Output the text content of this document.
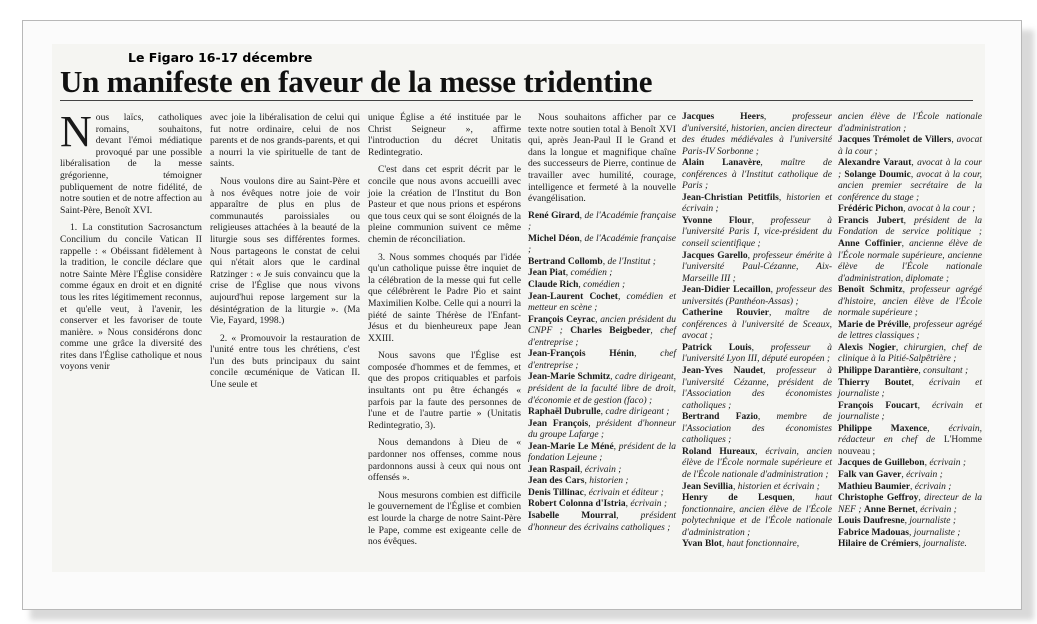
Le Figaro 16-17 décembre
Un manifeste en faveur de la messe tridentine

Nous laïcs, catholiques romains, souhaitons, devant l'émoi médiatique provoqué par une possible libéralisation de la messe grégorienne, témoigner publiquement de notre fidélité, de notre soutien et de notre affection au Saint-Père, Benoît XVI.

1. La constitution Sacrosanctum Concilium du concile Vatican II rappelle : « Obéissant fidèlement à la tradition, le concile déclare que notre Sainte Mère l'Église considère comme égaux en droit et en dignité tous les rites légitimement reconnus, et qu'elle veut, à l'avenir, les conserver et les favoriser de toute manière. » Nous considérons donc comme une grâce la diversité des rites dans l'Église catholique et nous voyons venir

avec joie la libéralisation de celui qui fut notre ordinaire, celui de nos parents et de nos grands-parents, et qui a nourri la vie spirituelle de tant de saints.

Nous voulons dire au Saint-Père et à nos évêques notre joie de voir apparaître de plus en plus de communautés paroissiales ou religieuses attachées à la beauté de la liturgie sous ses différentes formes. Nous partageons le constat de celui qui n'était alors que le cardinal Ratzinger : « Je suis convaincu que la crise de l'Église que nous vivons aujourd'hui repose largement sur la désintégration de la liturgie ». (Ma Vie, Fayard, 1998.)

2. « Promouvoir la restauration de l'unité entre tous les chrétiens, c'est l'un des buts principaux du saint concile œcuménique de Vatican II. Une seule et

unique Église a été instituée par le Christ Seigneur », affirme l'introduction du décret Unitatis Redintegratio.

C'est dans cet esprit décrit par le concile que nous avons accueilli avec joie la création de l'Institut du Bon Pasteur et que nous prions et espérons que tous ceux qui se sont éloignés de la pleine communion suivent ce même chemin de réconciliation.

3. Nous sommes choqués par l'idée qu'un catholique puisse être inquiet de la célébration de la messe qui fut celle que célébrèrent le Padre Pio et saint Maximilien Kolbe. Celle qui a nourri la piété de sainte Thérèse de l'Enfant-Jésus et du bienheureux pape Jean XXIII.

Nous savons que l'Église est composée d'hommes et de femmes, et que des propos critiquables et parfois insultants ont pu être échangés « parfois par la faute des personnes de l'une et de l'autre partie » (Unitatis Redintegratio, 3).

Nous demandons à Dieu de « pardonner nos offenses, comme nous pardonnons aussi à ceux qui nous ont offensés ».

Nous mesurons combien est difficile le gouvernement de l'Église et combien est lourde la charge de notre Saint-Père le Pape, comme est exigeante celle de nos évêques.

Nous souhaitons afficher par ce texte notre soutien total à Benoît XVI qui, après Jean-Paul II le Grand et dans la longue et magnifique chaîne des successeurs de Pierre, continue de travailler avec humilité, courage, intelligence et fermeté à la nouvelle évangélisation.

René Girard, de l'Académie française ;
Michel Déon, de l'Académie française ;
Bertrand Collomb, de l'Institut ;
Jean Piat, comédien ;
Claude Rich, comédien ;
Jean-Laurent Cochet, comédien et metteur en scène ;
François Ceyrac, ancien président du CNPF ; Charles Beigbeder, chef d'entreprise ;
Jean-François Hénin, chef d'entreprise ;
Jean-Marie Schmitz, cadre dirigeant, président de la faculté libre de droit, d'économie et de gestion (faco) ;
Raphaël Dubrulle, cadre dirigeant ;
Jean François, président d'honneur du groupe Lafarge ;
Jean-Marie Le Méné, président de la fondation Lejeune ;
Jean Raspail, écrivain ;
Jean des Cars, historien ;
Denis Tillinac, écrivain et éditeur ;
Robert Colonna d'Istria, écrivain ;
Isabelle Mourral, président d'honneur des écrivains catholiques ;
Jacques Heers, professeur d'université, historien, ancien directeur des études médiévales à l'université Paris-IV Sorbonne ;
Alain Lanavère, maître de conférences à l'Institut catholique de Paris ;
Jean-Christian Petitfils, historien et écrivain ;
Yvonne Flour, professeur à l'université Paris I, vice-président du conseil scientifique ;
Jacques Garello, professeur émérite à l'université Paul-Cézanne, Aix-Marseille III ;
Jean-Didier Lecaillon, professeur des universités (Panthéon-Assas) ;
Catherine Rouvier, maître de conférences à l'université de Sceaux, avocat ;
Patrick Louis, professeur à l'université Lyon III, député européen ;
Jean-Yves Naudet, professeur à l'université Cézanne, président de l'Association des économistes catholiques ;
Bertrand Fazio, membre de l'Association des économistes catholiques ;
Roland Hureaux, écrivain, ancien élève de l'École normale supérieure et de l'École nationale d'administration ;
Jean Sevillia, historien et écrivain ;
Henry de Lesquen, haut fonctionnaire, ancien élève de l'École polytechnique et de l'École nationale d'administration ;
Yvan Blot, haut fonctionnaire,
ancien élève de l'École nationale d'administration ;
Jacques Trémolet de Villers, avocat à la cour ;
Alexandre Varaut, avocat à la cour ; Solange Doumic, avocat à la cour, ancien premier secrétaire de la conférence du stage ;
Frédéric Pichon, avocat à la cour ;
Francis Jubert, président de la Fondation de service politique ; Anne Coffinier, ancienne élève de l'École normale supérieure, ancienne élève de l'École nationale d'administration, diplomate ;
Benoît Schmitz, professeur agrégé d'histoire, ancien élève de l'École normale supérieure ;
Marie de Préville, professeur agrégé de lettres classiques ;
Alexis Nogier, chirurgien, chef de clinique à la Pitié-Salpêtrière ;
Philippe Darantière, consultant ;
Thierry Boutet, écrivain et journaliste ;
François Foucart, écrivain et journaliste ;
Philippe Maxence, écrivain, rédacteur en chef de L'Homme nouveau ;
Jacques de Guillebon, écrivain ;
Falk van Gaver, écrivain ;
Mathieu Baumier, écrivain ;
Christophe Geffroy, directeur de la NEF ; Anne Bernet, écrivain ;
Louis Daufresne, journaliste ;
Fabrice Madouas, journaliste ;
Hilaire de Crémiers, journaliste.
